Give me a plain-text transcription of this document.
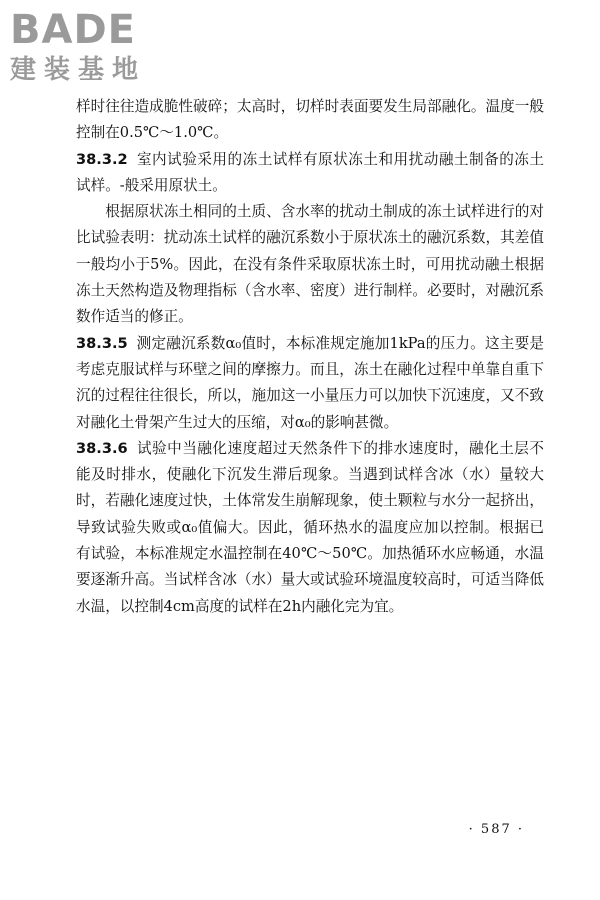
BADE
建装基地

样时往往造成脆性破碎；太高时，切样时表面要发生局部融化。温度一般控制在0.5℃～1.0℃。

38.3.2 室内试验采用的冻土试样有原状冻土和用扰动融土制备的冻土试样。-般采用原状土。

根据原状冻土相同的土质、含水率的扰动土制成的冻土试样进行的对比试验表明：扰动冻土试样的融沉系数小于原状冻土的融沉系数，其差值一般均小于5%。因此，在没有条件采取原状冻土时，可用扰动融土根据冻土天然构造及物理指标（含水率、密度）进行制样。必要时，对融沉系数作适当的修正。

38.3.5 测定融沉系数α₀值时，本标准规定施加1kPa的压力。这主要是考虑克服试样与环壁之间的摩擦力。而且，冻土在融化过程中单靠自重下沉的过程往往很长，所以，施加这一小量压力可以加快下沉速度，又不致对融化土骨架产生过大的压缩，对α₀的影响甚微。

38.3.6 试验中当融化速度超过天然条件下的排水速度时，融化土层不能及时排水，使融化下沉发生滞后现象。当遇到试样含冰（水）量较大时，若融化速度过快，土体常发生崩解现象，使土颗粒与水分一起挤出，导致试验失败或α₀值偏大。因此，循环热水的温度应加以控制。根据已有试验，本标准规定水温控制在40℃～50℃。加热循环水应畅通，水温要逐渐升高。当试样含冰（水）量大或试验环境温度较高时，可适当降低水温，以控制4cm高度的试样在2h内融化完为宜。

· 587 ·
